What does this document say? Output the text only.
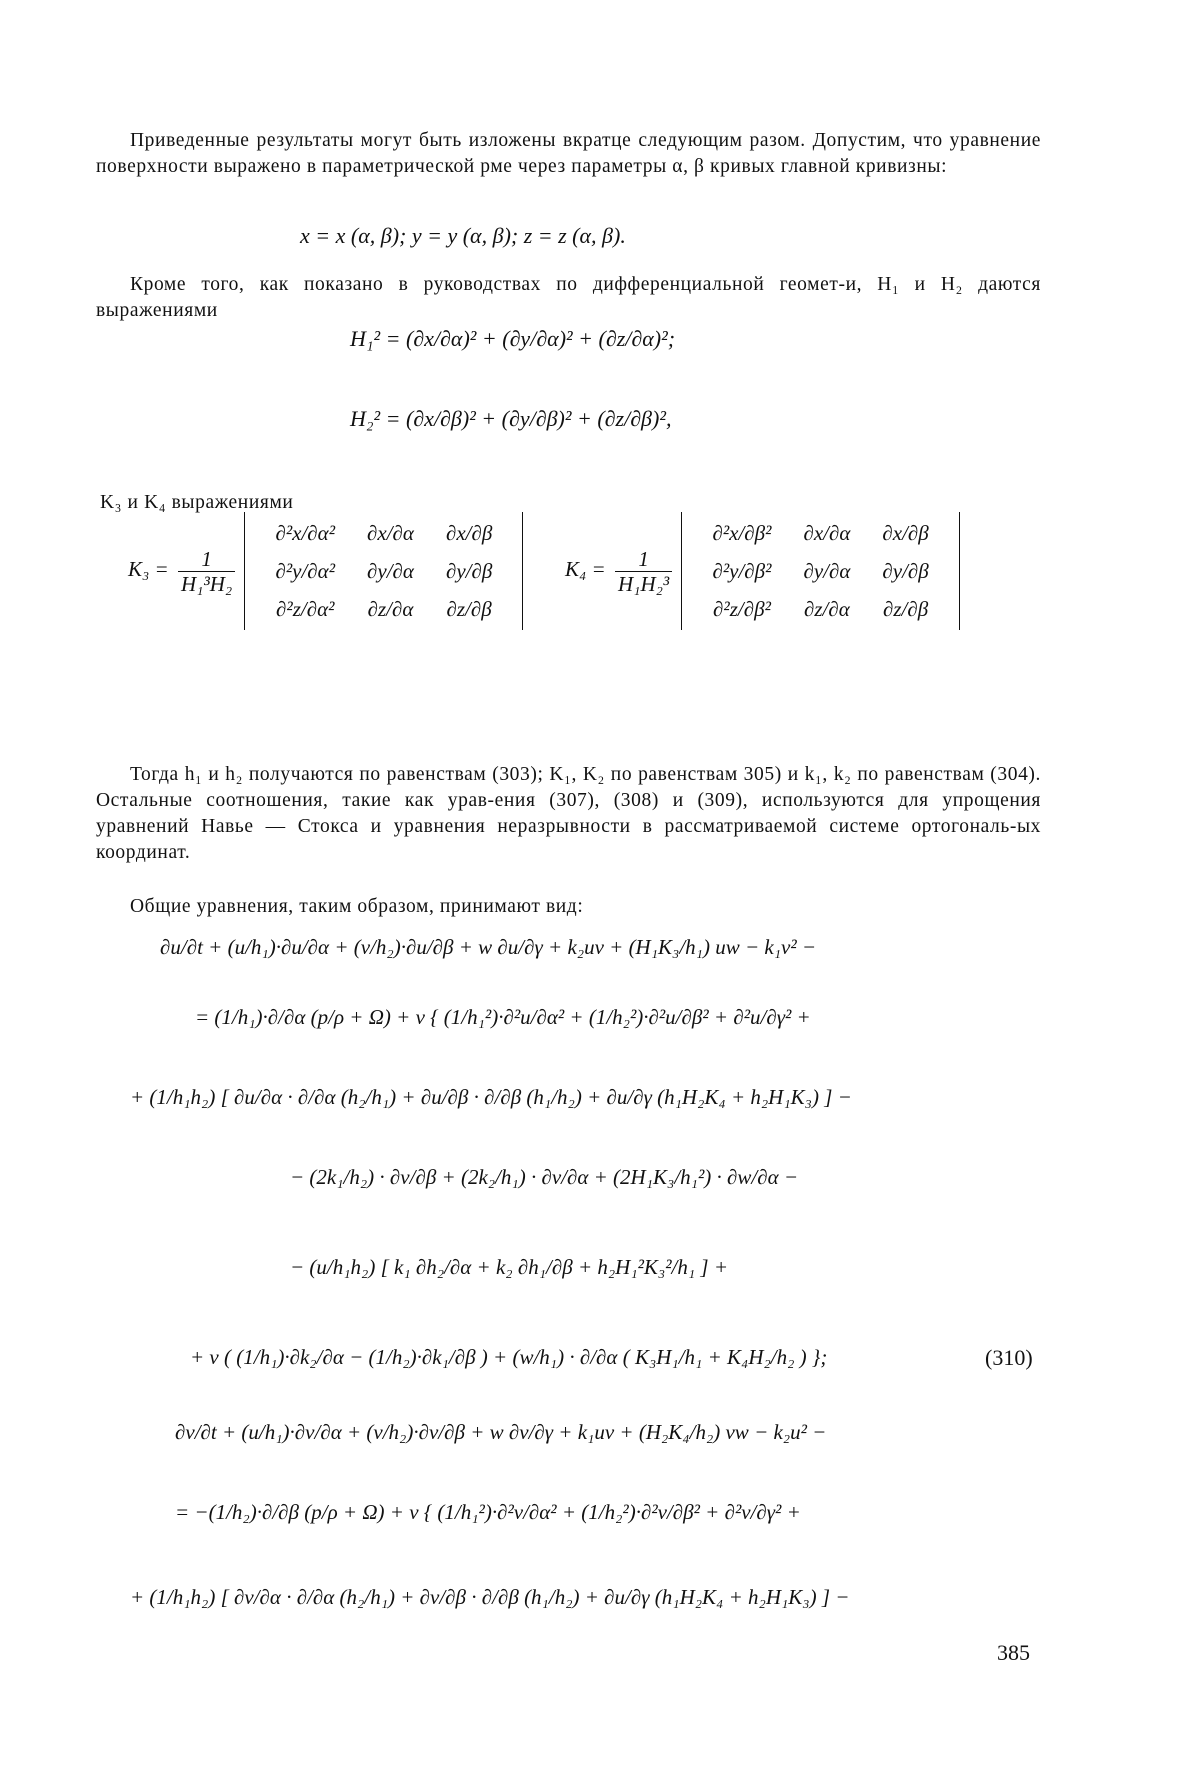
Приведенные результаты могут быть изложены вкратце следующим разом. Допустим, что уравнение поверхности выражено в параметрической рме через параметры α, β кривых главной кривизны:

x = x (α, β); y = y (α, β); z = z (α, β).

Кроме того, как показано в руководствах по дифференциальной геомет-и, H₁ и H₂ даются выражениями

H₁² = (∂x/∂α)² + (∂y/∂α)² + (∂z/∂α)²;
H₂² = (∂x/∂β)² + (∂y/∂β)² + (∂z/∂β)²,

K₃ и K₄ выражениями

$K_3 = \frac{1}{\text{H₁³H₂}}$

∂²x/∂α²	∂x/∂α	∂x/∂β
∂²y/∂α²	∂y/∂α	∂y/∂β
∂²z/∂α²	∂z/∂α	∂z/∂β
$K_4 = \frac{1}{\text{H₁H₂³}}$

∂²x/∂β²	∂x/∂α	∂x/∂β
∂²y/∂β²	∂y/∂α	∂y/∂β
∂²z/∂β²	∂z/∂α	∂z/∂β

Тогда h₁ и h₂ получаются по равенствам (303); K₁, K₂ по равенствам 305) и k₁, k₂ по равенствам (304). Остальные соотношения, такие как урав-ения (307), (308) и (309), используются для упрощения уравнений Навье — Стокса и уравнения неразрывности в рассматриваемой системе ортогональ-ых координат.

Общие уравнения, таким образом, принимают вид:

∂u/∂t + (u/h₁)·∂u/∂α + (v/h₂)·∂u/∂β + w ∂u/∂γ + k₂uv + (H₁K₃/h₁) uw − k₁v² −
= (1/h₁)·∂/∂α (p/ρ + Ω) + ν { (1/h₁²)·∂²u/∂α² + (1/h₂²)·∂²u/∂β² + ∂²u/∂γ² +
+ (1/h₁h₂) [ ∂u/∂α · ∂/∂α (h₂/h₁) + ∂u/∂β · ∂/∂β (h₁/h₂) + ∂u/∂γ (h₁H₂K₄ + h₂H₁K₃) ] −
− (2k₁/h₂) · ∂v/∂β + (2k₂/h₁) · ∂v/∂α + (2H₁K₃/h₁²) · ∂w/∂α −
− (u/h₁h₂) [ k₁ ∂h₂/∂α + k₂ ∂h₁/∂β + h₂H₁²K₃²/h₁ ] +
+ v ( (1/h₁)·∂k₂/∂α − (1/h₂)·∂k₁/∂β ) + (w/h₁) · ∂/∂α ( K₃H₁/h₁ + K₄H₂/h₂ ) };	(310)
∂v/∂t + (u/h₁)·∂v/∂α + (v/h₂)·∂v/∂β + w ∂v/∂γ + k₁uv + (H₂K₄/h₂) vw − k₂u² −
= −(1/h₂)·∂/∂β (p/ρ + Ω) + ν { (1/h₁²)·∂²v/∂α² + (1/h₂²)·∂²v/∂β² + ∂²v/∂γ² +
+ (1/h₁h₂) [ ∂v/∂α · ∂/∂α (h₂/h₁) + ∂v/∂β · ∂/∂β (h₁/h₂) + ∂u/∂γ (h₁H₂K₄ + h₂H₁K₃) ] −
385
